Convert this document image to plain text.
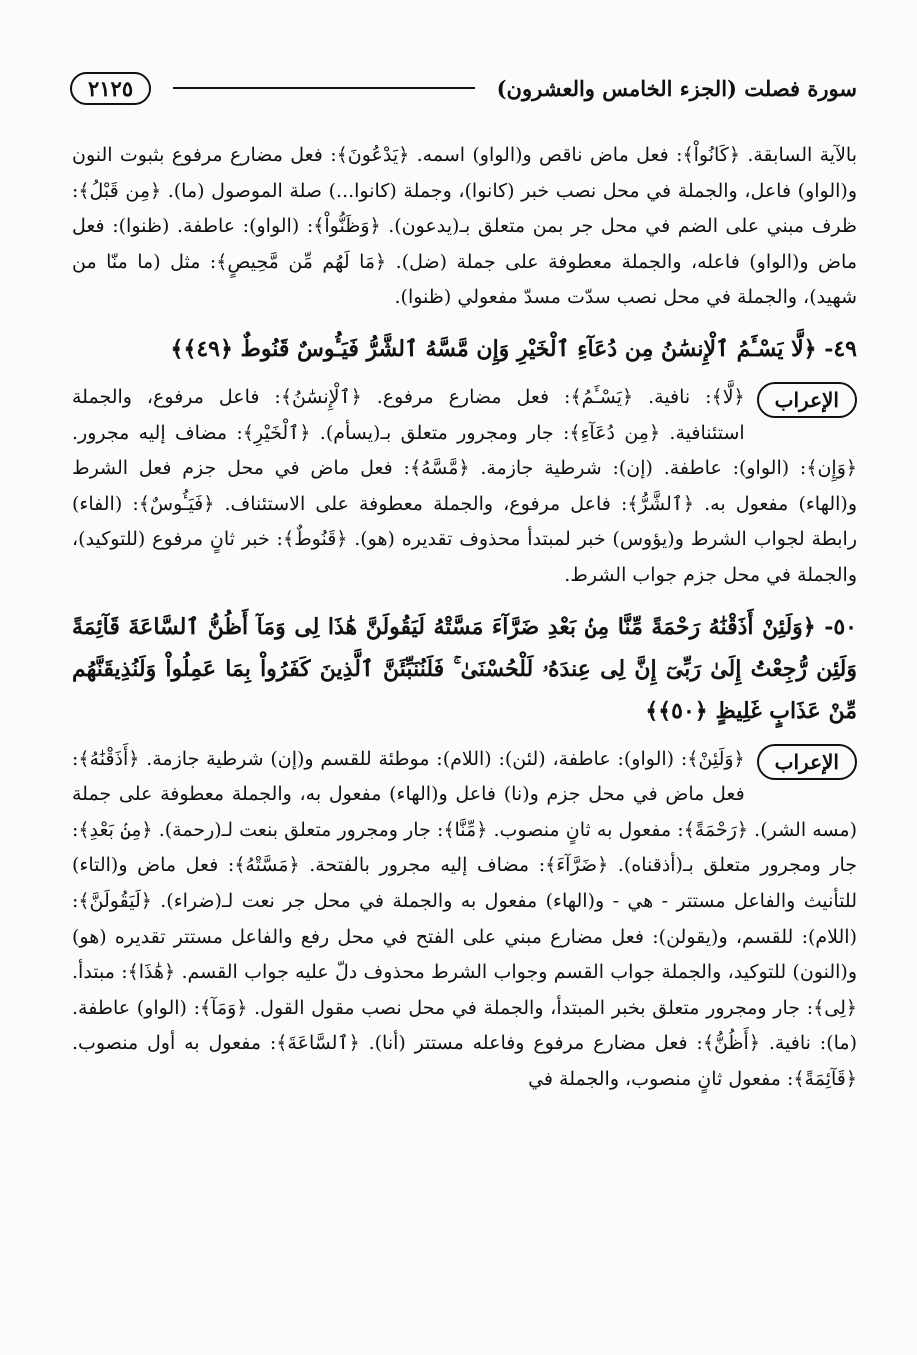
سورة فصلت (الجزء الخامس والعشرون)
٢١٢٥

بالآية السابقة. ﴿كَانُواْ﴾: فعل ماض ناقص و(الواو) اسمه. ﴿يَدْعُونَ﴾: فعل مضارع مرفوع بثبوت النون و(الواو) فاعل، والجملة في محل نصب خبر (كانوا)، وجملة (كانوا...) صلة الموصول (ما). ﴿مِن قَبْلُ﴾: ظرف مبني على الضم في محل جر بمن متعلق بـ(يدعون). ﴿وَظَنُّواْ﴾: (الواو): عاطفة. (ظنوا): فعل ماض و(الواو) فاعله، والجملة معطوفة على جملة (ضل). ﴿مَا لَهُم مِّن مَّحِيصٍ﴾: مثل (ما منّا من شهيد)، والجملة في محل نصب سدّت مسدّ مفعولي (ظنوا).

٤٩- ﴿لَّا يَسْـَٔمُ ٱلْإِنسَٰنُ مِن دُعَآءِ ٱلْخَيْرِ وَإِن مَّسَّهُ ٱلشَّرُّ فَيَـُٔوسٌ قَنُوطٌ ﴿٤٩﴾﴾

الإعراب
﴿لَّا﴾: نافية. ﴿يَسْـَٔمُ﴾: فعل مضارع مرفوع. ﴿ٱلْإِنسَٰنُ﴾: فاعل مرفوع، والجملة استئنافية. ﴿مِن دُعَآءِ﴾: جار ومجرور متعلق بـ(يسأم). ﴿ٱلْخَيْرِ﴾: مضاف إليه مجرور. ﴿وَإِن﴾: (الواو): عاطفة. (إن): شرطية جازمة. ﴿مَّسَّهُ﴾: فعل ماض في محل جزم فعل الشرط و(الهاء) مفعول به. ﴿ٱلشَّرُّ﴾: فاعل مرفوع، والجملة معطوفة على الاستئناف. ﴿فَيَـُٔوسٌ﴾: (الفاء) رابطة لجواب الشرط و(يؤوس) خبر لمبتدأ محذوف تقديره (هو). ﴿قَنُوطٌ﴾: خبر ثانٍ مرفوع (للتوكيد)، والجملة في محل جزم جواب الشرط.

٥٠- ﴿وَلَئِنْ أَذَقْنَٰهُ رَحْمَةً مِّنَّا مِنۢ بَعْدِ ضَرَّآءَ مَسَّتْهُ لَيَقُولَنَّ هَٰذَا لِى وَمَآ أَظُنُّ ٱلسَّاعَةَ قَآئِمَةً وَلَئِن رُّجِعْتُ إِلَىٰ رَبِّىٓ إِنَّ لِى عِندَهُۥ لَلْحُسْنَىٰ ۚ فَلَنُنَبِّئَنَّ ٱلَّذِينَ كَفَرُواْ بِمَا عَمِلُواْ وَلَنُذِيقَنَّهُم مِّنْ عَذَابٍ غَلِيظٍ ﴿٥٠﴾﴾

الإعراب
﴿وَلَئِنْ﴾: (الواو): عاطفة، (لئن): (اللام): موطئة للقسم و(إن) شرطية جازمة. ﴿أَذَقْنَٰهُ﴾: فعل ماض في محل جزم و(نا) فاعل و(الهاء) مفعول به، والجملة معطوفة على جملة (مسه الشر). ﴿رَحْمَةً﴾: مفعول به ثانٍ منصوب. ﴿مِّنَّا﴾: جار ومجرور متعلق بنعت لـ(رحمة). ﴿مِنۢ بَعْدِ﴾: جار ومجرور متعلق بـ(أذقناه). ﴿ضَرَّآءَ﴾: مضاف إليه مجرور بالفتحة. ﴿مَسَّتْهُ﴾: فعل ماض و(التاء) للتأنيث والفاعل مستتر - هي - و(الهاء) مفعول به والجملة في محل جر نعت لـ(ضراء). ﴿لَيَقُولَنَّ﴾: (اللام): للقسم، و(يقولن): فعل مضارع مبني على الفتح في محل رفع والفاعل مستتر تقديره (هو) و(النون) للتوكيد، والجملة جواب القسم وجواب الشرط محذوف دلّ عليه جواب القسم. ﴿هَٰذَا﴾: مبتدأ. ﴿لِى﴾: جار ومجرور متعلق بخبر المبتدأ، والجملة في محل نصب مقول القول. ﴿وَمَآ﴾: (الواو) عاطفة. (ما): نافية. ﴿أَظُنُّ﴾: فعل مضارع مرفوع وفاعله مستتر (أنا). ﴿ٱلسَّاعَةَ﴾: مفعول به أول منصوب. ﴿قَآئِمَةً﴾: مفعول ثانٍ منصوب، والجملة في
